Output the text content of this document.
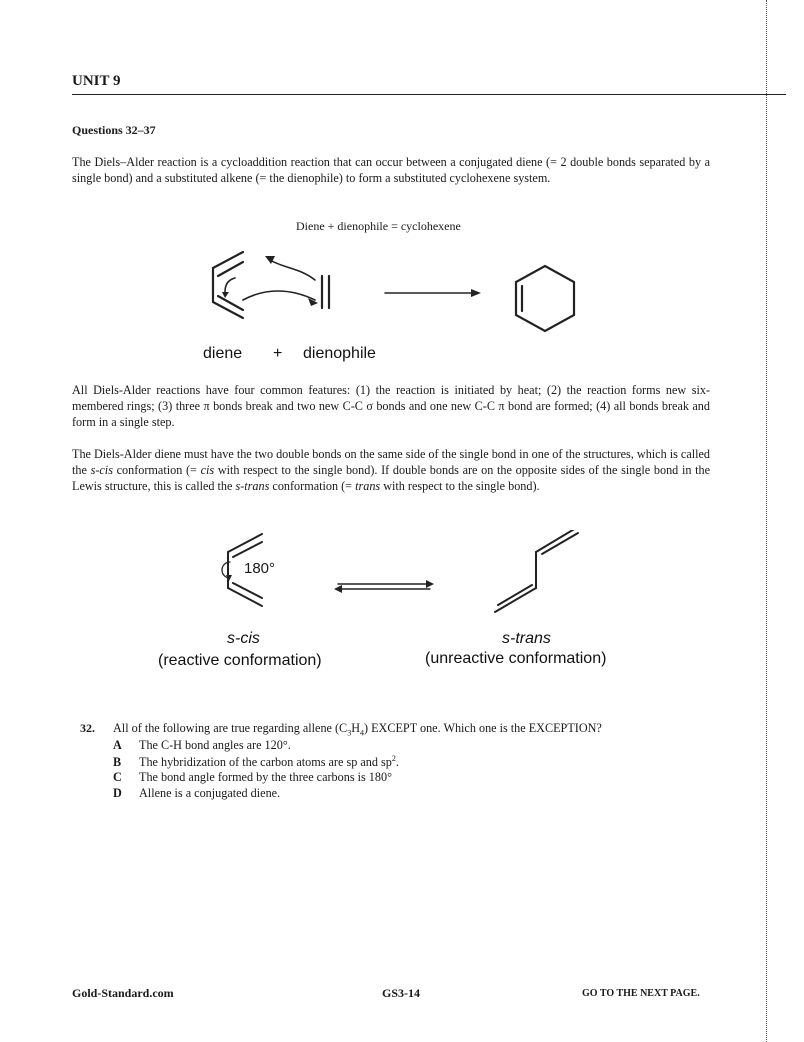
UNIT 9
Questions 32–37
The Diels–Alder reaction is a cycloaddition reaction that can occur between a conjugated diene (= 2 double bonds separated by a single bond) and a substituted alkene (= the dienophile) to form a substituted cyclohexene system.
Diene + dienophile = cyclohexene
diene + dienophile
All Diels-Alder reactions have four common features: (1) the reaction is initiated by heat; (2) the reaction forms new six-membered rings; (3) three π bonds break and two new C-C σ bonds and one new C-C π bond are formed; (4) all bonds break and form in a single step.
The Diels-Alder diene must have the two double bonds on the same side of the single bond in one of the structures, which is called the s-cis conformation (= cis with respect to the single bond). If double bonds are on the opposite sides of the single bond in the Lewis structure, this is called the s-trans conformation (= trans with respect to the single bond).
180°
s-cis
(reactive conformation)
s-trans
(unreactive conformation)
32. All of the following are true regarding allene $(C_3H_4)$ EXCEPT one. Which one is the EXCEPTION?
A The C-H bond angles are 120°.
B The hybridization of the carbon atoms are sp and $sp^2$.
C The bond angle formed by the three carbons is 180°
D Allene is a conjugated diene.
Gold-Standard.com	GS3-14	GO TO THE NEXT PAGE.
